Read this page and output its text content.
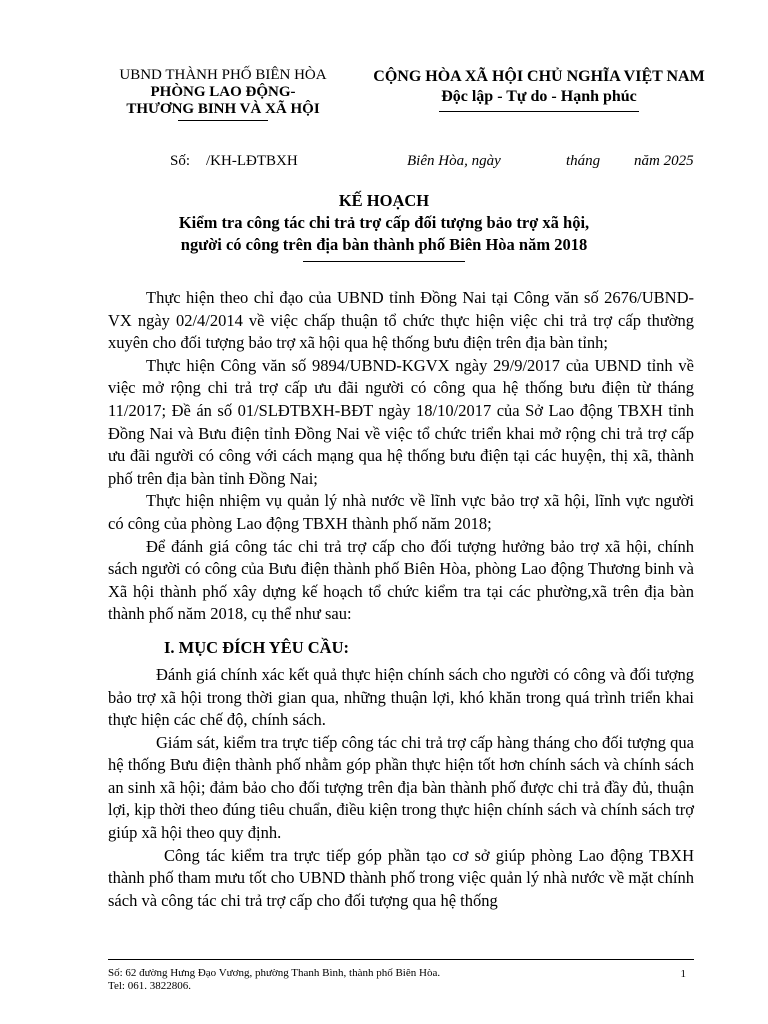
UBND THÀNH PHỐ BIÊN HÒA
PHÒNG LAO ĐỘNG-
THƯƠNG BINH VÀ XÃ HỘI
CỘNG HÒA XÃ HỘI CHỦ NGHĨA VIỆT NAM
Độc lập - Tự do - Hạnh phúc
Số: /KH-LĐTBXH	Biên Hòa, ngày	tháng năm 2025
KẾ HOẠCH
Kiểm tra công tác chi trả trợ cấp đối tượng bảo trợ xã hội,
người có công trên địa bàn thành phố Biên Hòa năm 2018

Thực hiện theo chỉ đạo của UBND tỉnh Đồng Nai tại Công văn số 2676/UBND-VX ngày 02/4/2014 về việc chấp thuận tổ chức thực hiện việc chi trả trợ cấp thường xuyên cho đối tượng bảo trợ xã hội qua hệ thống bưu điện trên địa bàn tỉnh;

Thực hiện Công văn số 9894/UBND-KGVX ngày 29/9/2017 của UBND tỉnh về việc mở rộng chi trả trợ cấp ưu đãi người có công qua hệ thống bưu điện từ tháng 11/2017; Đề án số 01/SLĐTBXH-BĐT ngày 18/10/2017 của Sở Lao động TBXH tỉnh Đồng Nai và Bưu điện tỉnh Đồng Nai về việc tổ chức triển khai mở rộng chi trả trợ cấp ưu đãi người có công với cách mạng qua hệ thống bưu điện tại các huyện, thị xã, thành phố trên địa bàn tỉnh Đồng Nai;

Thực hiện nhiệm vụ quản lý nhà nước về lĩnh vực bảo trợ xã hội, lĩnh vực người có công của phòng Lao động TBXH thành phố năm 2018;

Để đánh giá công tác chi trả trợ cấp cho đối tượng hưởng bảo trợ xã hội, chính sách người có công của Bưu điện thành phố Biên Hòa, phòng Lao động Thương binh và Xã hội thành phố xây dựng kế hoạch tổ chức kiểm tra tại các phường,xã trên địa bàn thành phố năm 2018, cụ thể như sau:

I. MỤC ĐÍCH YÊU CẦU:

Đánh giá chính xác kết quả thực hiện chính sách cho người có công và đối tượng bảo trợ xã hội trong thời gian qua, những thuận lợi, khó khăn trong quá trình triển khai thực hiện các chế độ, chính sách.

Giám sát, kiểm tra trực tiếp công tác chi trả trợ cấp hàng tháng cho đối tượng qua hệ thống Bưu điện thành phố nhằm góp phần thực hiện tốt hơn chính sách và chính sách an sinh xã hội; đảm bảo cho đối tượng trên địa bàn thành phố được chi trả đầy đủ, thuận lợi, kịp thời theo đúng tiêu chuẩn, điều kiện trong thực hiện chính sách và chính sách trợ giúp xã hội theo quy định.

Công tác kiểm tra trực tiếp góp phần tạo cơ sở giúp phòng Lao động TBXH thành phố tham mưu tốt cho UBND thành phố trong việc quản lý nhà nước về mặt chính sách và công tác chi trả trợ cấp cho đối tượng qua hệ thống

Số: 62 đường Hưng Đạo Vương, phường Thanh Bình, thành phố Biên Hòa.
Tel: 061. 3822806.
1
